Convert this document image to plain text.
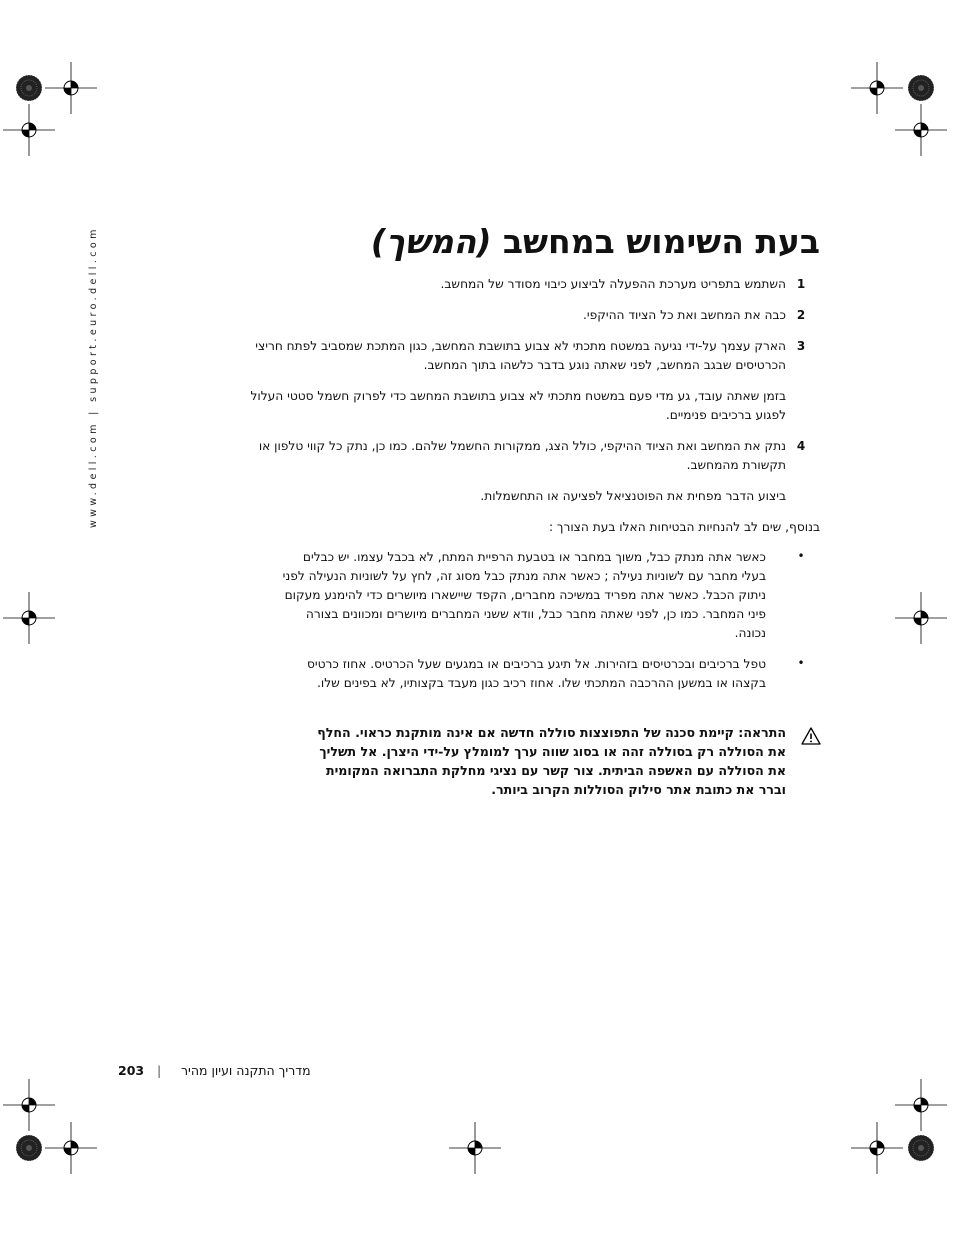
www.dell.com | support.euro.dell.com	בעת השימוש במחשב (המשך)
1
השתמש בתפריט מערכת ההפעלה לביצוע כיבוי מסודר של המחשב.
2
כבה את המחשב ואת כל הציוד ההיקפי.
3
הארק עצמך על-ידי נגיעה במשטח מתכתי לא צבוע בתושבת המחשב, כגון המתכת שמסביב לפתח חריצי הכרטיסים שבגב המחשב, לפני שאתה נוגע בדבר כלשהו בתוך המחשב.
בזמן שאתה עובד, גע מדי פעם במשטח מתכתי לא צבוע בתושבת המחשב כדי לפרוק חשמל סטטי העלול לפגוע ברכיבים פנימיים.
4
נתק את המחשב ואת הציוד ההיקפי, כולל הצג, ממקורות החשמל שלהם. כמו כן, נתק כל קווי טלפון או תקשורת מהמחשב.
ביצוע הדבר מפחית את הפוטנציאל לפציעה או התחשמלות.
בנוסף, שים לב להנחיות הבטיחות האלו בעת הצורך :
•
כאשר אתה מנתק כבל, משוך במחבר או בטבעת הרפיית המתח, לא בכבל עצמו. יש כבלים בעלי מחבר עם לשוניות נעילה ; כאשר אתה מנתק כבל מסוג זה, לחץ על לשוניות הנעילה לפני ניתוק הכבל. כאשר אתה מפריד במשיכה מחברים, הקפד שיישארו מיושרים כדי להימנע מעקום פיני המחבר. כמו כן, לפני שאתה מחבר כבל, וודא ששני המחברים מיושרים ומכוונים בצורה נכונה.
•
טפל ברכיבים ובכרטיסים בזהירות. אל תיגע ברכיבים או במגעים שעל הכרטיס. אחוז כרטיס בקצהו או במשען ההרכבה המתכתי שלו. אחוז רכיב כגון מעבד בקצותיו, לא בפינים שלו.
התראה: קיימת סכנה של התפוצצות סוללה חדשה אם אינה מותקנת כראוי. החלף את הסוללה רק בסוללה זהה או בסוג שווה ערך למומלץ על-ידי היצרן. אל תשליך את הסוללה עם האשפה הביתית. צור קשר עם נציגי מחלקת התברואה המקומית וברר את כתובת אתר סילוק הסוללות הקרוב ביותר.
203 | מדריך התקנה ועיון מהיר
